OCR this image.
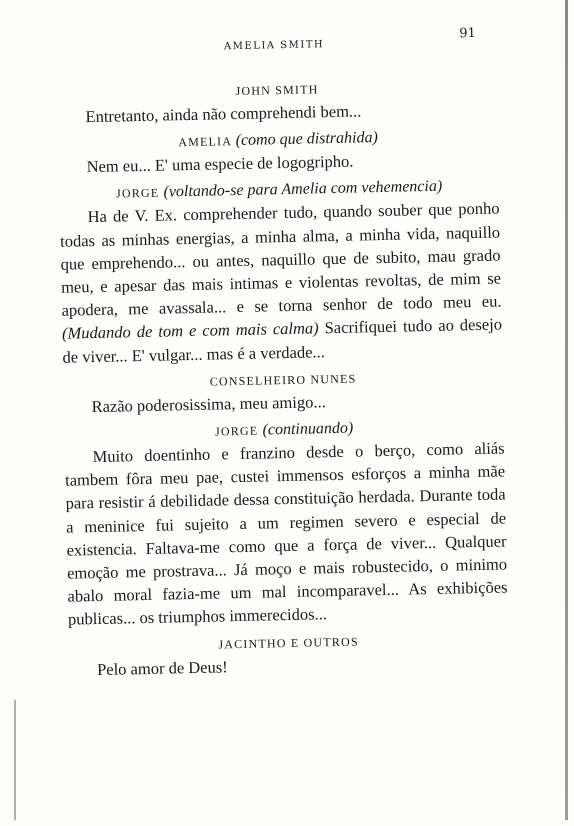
AMELIA SMITH
91
JOHN SMITH

Entretanto, ainda não comprehendi bem...

AMELIA (como que distrahida)

Nem eu... E' uma especie de logogripho.

JORGE (voltando-se para Amelia com vehemencia)

Ha de V. Ex. comprehender tudo, quando souber que ponho todas as minhas energias, a minha alma, a minha vida, naquillo que emprehendo... ou antes, naquillo que de subito, mau grado meu, e apesar das mais intimas e violentas revoltas, de mim se apodera, me avassala... e se torna senhor de todo meu eu. (Mudando de tom e com mais calma) Sacrifiquei tudo ao desejo de viver... E' vulgar... mas é a verdade...

CONSELHEIRO NUNES

Razão poderosissima, meu amigo...

JORGE (continuando)

Muito doentinho e franzino desde o berço, como aliás tambem fôra meu pae, custei immensos esforços a minha mãe para resistir á debilidade dessa constituição herdada. Durante toda a meninice fui sujeito a um regimen severo e especial de existencia. Faltava-me como que a força de viver... Qualquer emoção me prostrava... Já moço e mais robustecido, o minimo abalo moral fazia-me um mal incomparavel... As exhibições publicas... os triumphos immerecidos...

JACINTHO E OUTROS

Pelo amor de Deus!
